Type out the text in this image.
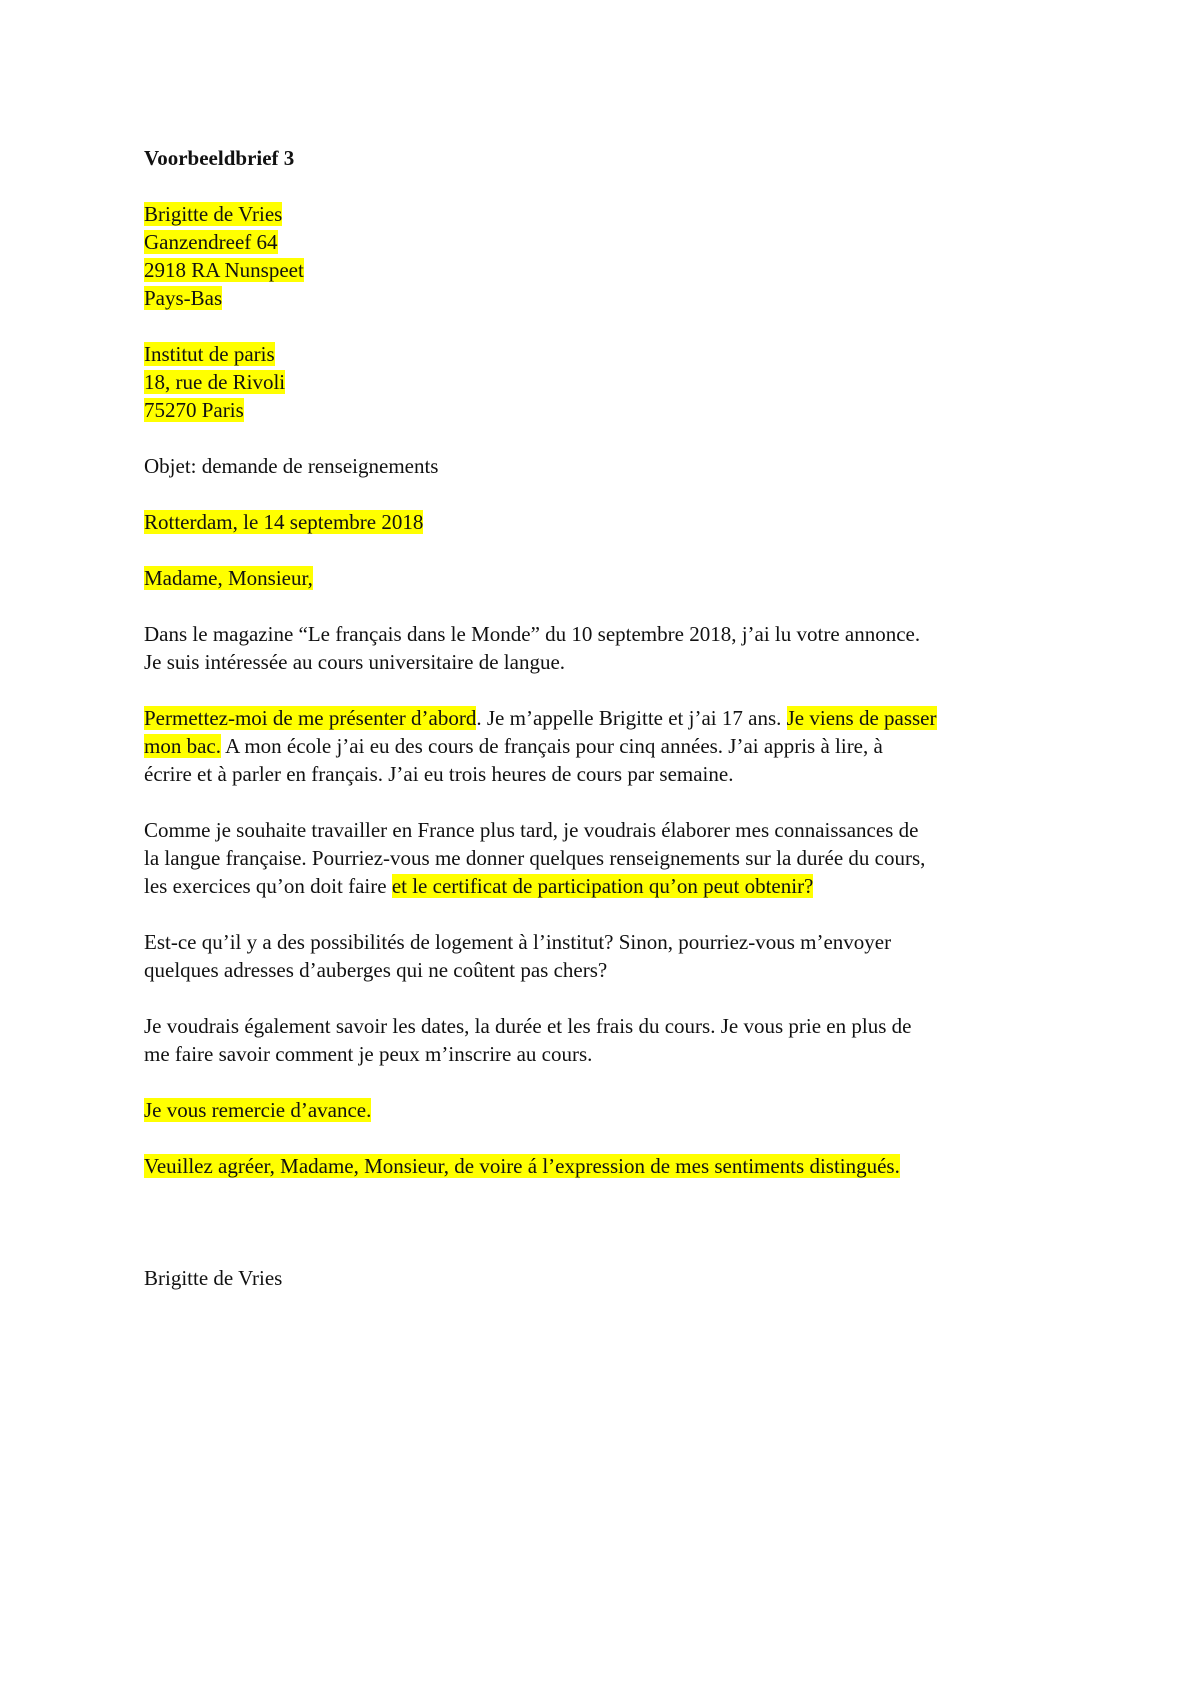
Voorbeeldbrief 3
Brigitte de Vries
Ganzendreef 64
2918 RA Nunspeet
Pays-Bas
Institut de paris
18, rue de Rivoli
75270 Paris
Objet: demande de renseignements
Rotterdam, le 14 septembre 2018
Madame, Monsieur,
Dans le magazine “Le français dans le Monde” du 10 septembre 2018, j’ai lu votre annonce.
Je suis intéressée au cours universitaire de langue.
Permettez-moi de me présenter d’abord. Je m’appelle Brigitte et j’ai 17 ans. Je viens de passer
mon bac. A mon école j’ai eu des cours de français pour cinq années. J’ai appris à lire, à
écrire et à parler en français. J’ai eu trois heures de cours par semaine.
Comme je souhaite travailler en France plus tard, je voudrais élaborer mes connaissances de
la langue française. Pourriez-vous me donner quelques renseignements sur la durée du cours,
les exercices qu’on doit faire et le certificat de participation qu’on peut obtenir?
Est-ce qu’il y a des possibilités de logement à l’institut? Sinon, pourriez-vous m’envoyer
quelques adresses d’auberges qui ne coûtent pas chers?
Je voudrais également savoir les dates, la durée et les frais du cours. Je vous prie en plus de
me faire savoir comment je peux m’inscrire au cours.
Je vous remercie d’avance.
Veuillez agréer, Madame, Monsieur, de voire á l’expression de mes sentiments distingués.
Brigitte de Vries
